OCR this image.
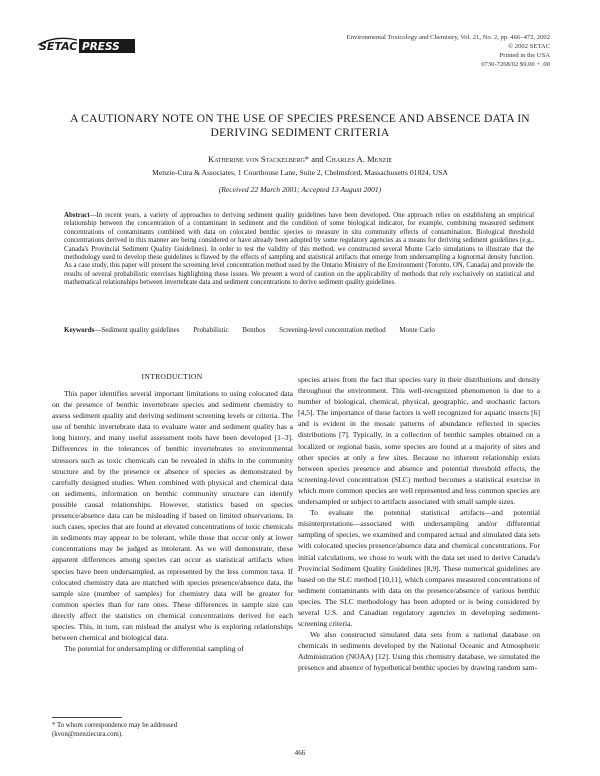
SETAC PRESS
Environmental Toxicology and Chemistry, Vol. 21, No. 2, pp. 466–472, 2002
© 2002 SETAC
Printed in the USA
0730-7268/02 $9.00 + .00
A CAUTIONARY NOTE ON THE USE OF SPECIES PRESENCE AND ABSENCE DATA IN DERIVING SEDIMENT CRITERIA
Katherine von Stackelberg* and Charles A. Menzie
Menzie-Cura & Associates, 1 Courthouse Lane, Suite 2, Chelmsford, Massachusetts 01824, USA
(Received 22 March 2001; Accepted 13 August 2001)

Abstract—In recent years, a variety of approaches to deriving sediment quality guidelines have been developed. One approach relies on establishing an empirical relationship between the concentration of a contaminant in sediment and the condition of some biological indicator, for example, combining measured sediment concentrations of contaminants combined with data on colocated benthic species to measure in situ community effects of contamination. Biological threshold concentrations derived in this manner are being considered or have already been adopted by some regulatory agencies as a means for deriving sediment guidelines (e.g., Canada's Provincial Sediment Quality Guidelines). In order to test the validity of this method, we constructed several Monte Carlo simulations to illustrate that the methodology used to develop these guidelines is flawed by the effects of sampling and statistical artifacts that emerge from undersampling a lognormal density function. As a case study, this paper will present the screening level concentration method used by the Ontario Ministry of the Environment (Toronto, ON, Canada) and provide the results of several probabilistic exercises highlighting these issues. We present a word of caution on the applicability of methods that rely exclusively on statistical and mathematical relationships between invertebrate data and sediment concentrations to derive sediment quality guidelines.

Keywords—Sediment quality guidelines Probabilistic Benthos Screening-level concentration method Monte Carlo
INTRODUCTION

This paper identifies several important limitations to using colocated data on the presence of benthic invertebrate species and sediment chemistry to assess sediment quality and deriving sediment screening levels or criteria. The use of benthic invertebrate data to evaluate water and sediment quality has a long history, and many useful assessment tools have been developed [1–3]. Differences in the tolerances of benthic invertebrates to environmental stressors such as toxic chemicals can be revealed in shifts in the community structure and by the presence or absence of species as demonstrated by carefully designed studies. When combined with physical and chemical data on sediments, information on benthic community structure can identify possible causal relationships. However, statistics based on species presence/absence data can be misleading if based on limited observations. In such cases, species that are found at elevated concentrations of toxic chemicals in sediments may appear to be tolerant, while those that occur only at lower concentrations may be judged as intolerant. As we will demonstrate, these apparent differences among species can occur as statistical artifacts when species have been undersampled, as represented by the less common taxa. If colocated chemistry data are matched with species presence/absence data, the sample size (number of samples) for chemistry data will be greater for common species than for rare ones. These differences in sample size can directly affect the statistics on chemical concentrations derived for each species. This, in turn, can mislead the analyst who is exploring relationships between chemical and biological data.

The potential for undersampling or differential sampling of

species arises from the fact that species vary in their distributions and density throughout the environment. This well-recognized phenomenon is due to a number of biological, chemical, physical, geographic, and stochastic factors [4,5]. The importance of these factors is well recognized for aquatic insects [6] and is evident in the mosaic patterns of abundance reflected in species distributions [7]. Typically, in a collection of benthic samples obtained on a localized or regional basis, some species are found at a majority of sites and other species at only a few sites. Because no inherent relationship exists between species presence and absence and potential threshold effects, the screening-level concentration (SLC) method becomes a statistical exercise in which more common species are well represented and less common species are undersampled or subject to artifacts associated with small sample sizes.

To evaluate the potential statistical artifacts—and potential misinterpretations—associated with undersampling and/or differential sampling of species, we examined and compared actual and simulated data sets with colocated species presence/absence data and chemical concentrations. For initial calculations, we chose to work with the data set used to derive Canada's Provincial Sediment Quality Guidelines [8,9]. These numerical guidelines are based on the SLC method [10,11], which compares measured concentrations of sediment contaminants with data on the presence/absence of various benthic species. The SLC methodology has been adopted or is being considered by several U.S. and Canadian regulatory agencies in developing sediment-screening criteria.

We also constructed simulated data sets from a national database on chemicals in sediments developed by the National Oceanic and Atmospheric Administration (NOAA) [12]. Using this chemistry database, we simulated the presence and absence of hypothetical benthic species by drawing random sam-

* To whom correspondence may be addressed
(kvon@menziecura.com).
466
